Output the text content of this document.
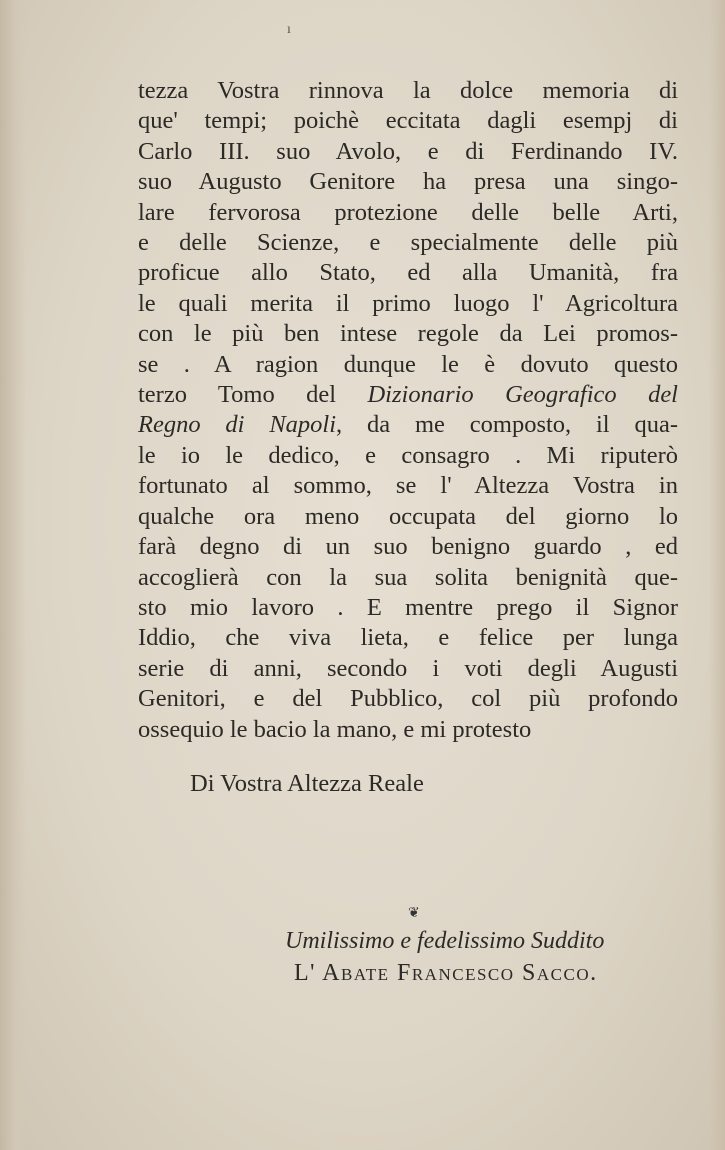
ı
tezza Vostra rinnova la dolce memoria di
que' tempi; poichè eccitata dagli esempj di
Carlo III. suo Avolo, e di Ferdinando IV.
suo Augusto Genitore ha presa una singo-
lare fervorosa protezione delle belle Arti,
e delle Scienze, e specialmente delle più
proficue allo Stato, ed alla Umanità, fra
le quali merita il primo luogo l' Agricoltura
con le più ben intese regole da Lei promos-
se . A ragion dunque le è dovuto questo
terzo Tomo del Dizionario Geografico del
Regno di Napoli, da me composto, il qua-
le io le dedico, e consagro . Mi riputerò
fortunato al sommo, se l' Altezza Vostra in
qualche ora meno occupata del giorno lo
farà degno di un suo benigno guardo , ed
accoglierà con la sua solita benignità que-
sto mio lavoro . E mentre prego il Signor
Iddio, che viva lieta, e felice per lunga
serie di anni, secondo i voti degli Augusti
Genitori, e del Pubblico, col più profondo
ossequio le bacio la mano, e mi protesto

Di Vostra Altezza Reale

❦

Umilissimo e fedelissimo Suddito

L' Abate Francesco Sacco.
